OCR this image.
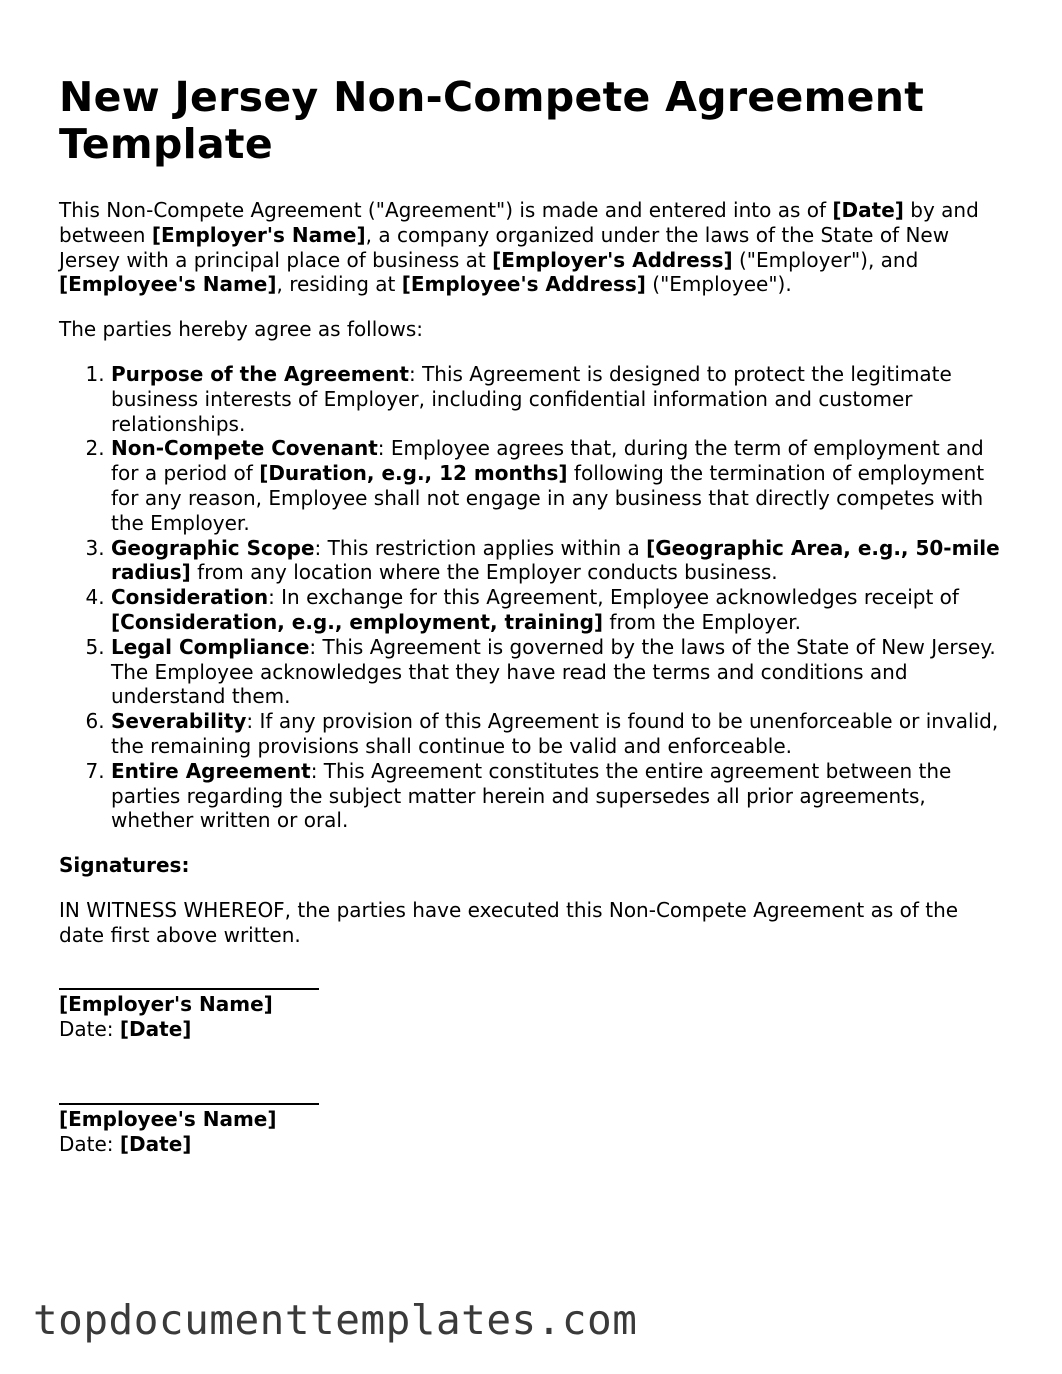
New Jersey Non-Compete Agreement Template

This Non-Compete Agreement ("Agreement") is made and entered into as of [Date] by and between [Employer's Name], a company organized under the laws of the State of New Jersey with a principal place of business at [Employer's Address] ("Employer"), and [Employee's Name], residing at [Employee's Address] ("Employee").

The parties hereby agree as follows:

1. Purpose of the Agreement: This Agreement is designed to protect the legitimate business interests of Employer, including confidential information and customer relationships.
2. Non-Compete Covenant: Employee agrees that, during the term of employment and for a period of [Duration, e.g., 12 months] following the termination of employment for any reason, Employee shall not engage in any business that directly competes with the Employer.
3. Geographic Scope: This restriction applies within a [Geographic Area, e.g., 50-mile radius] from any location where the Employer conducts business.
4. Consideration: In exchange for this Agreement, Employee acknowledges receipt of [Consideration, e.g., employment, training] from the Employer.
5. Legal Compliance: This Agreement is governed by the laws of the State of New Jersey. The Employee acknowledges that they have read the terms and conditions and understand them.
6. Severability: If any provision of this Agreement is found to be unenforceable or invalid, the remaining provisions shall continue to be valid and enforceable.
7. Entire Agreement: This Agreement constitutes the entire agreement between the parties regarding the subject matter herein and supersedes all prior agreements, whether written or oral.

Signatures:

IN WITNESS WHEREOF, the parties have executed this Non-Compete Agreement as of the date first above written.

[Employer's Name]
Date: [Date]
[Employee's Name]
Date: [Date]
topdocumenttemplates.com
